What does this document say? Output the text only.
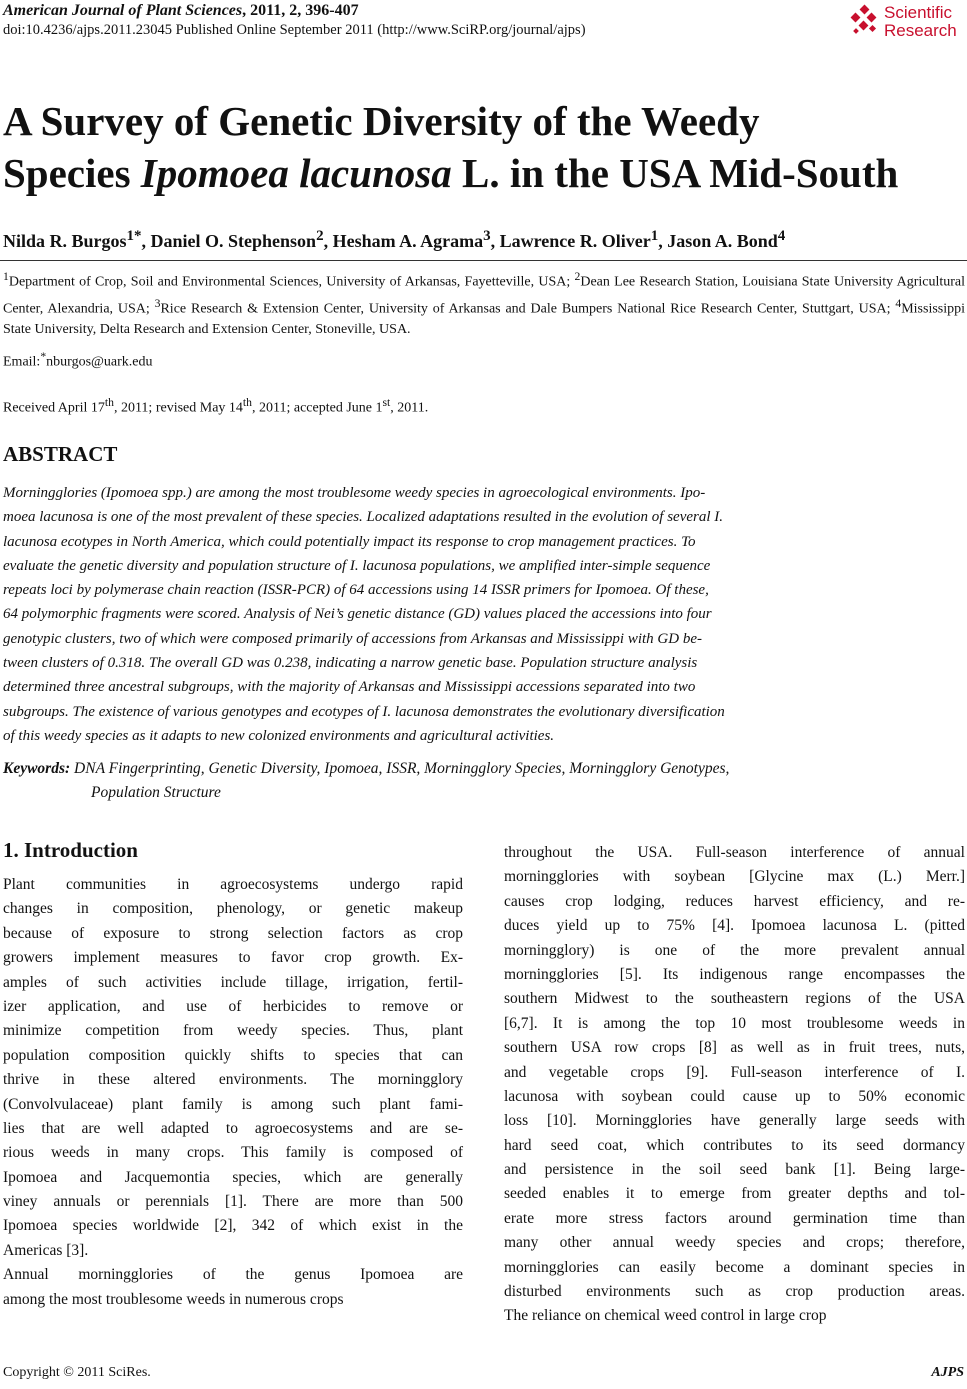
American Journal of Plant Sciences, 2011, 2, 396-407
doi:10.4236/ajps.2011.23045 Published Online September 2011 (http://www.SciRP.org/journal/ajps)
Scientific
Research
A Survey of Genetic Diversity of the Weedy
Species Ipomoea lacunosa L. in the USA Mid-South
Nilda R. Burgos$^{1*}$, Daniel O. Stephenson$^2$, Hesham A. Agrama$^3$, Lawrence R. Oliver$^1$, Jason A. Bond$^4$
$^1$Department of Crop, Soil and Environmental Sciences, University of Arkansas, Fayetteville, USA; $^2$Dean Lee Research Station, Louisiana State University Agricultural Center, Alexandria, USA; $^3$Rice Research & Extension Center, University of Arkansas and Dale Bumpers National Rice Research Center, Stuttgart, USA; $^4$Mississippi State University, Delta Research and Extension Center, Stoneville, USA.
Email:*nburgos@uark.edu
Received April 17th, 2011; revised May 14th, 2011; accepted June 1st, 2011.
ABSTRACT
Morningglories (Ipomoea spp.) are among the most troublesome weedy species in agroecological environments. Ipo-
moea lacunosa is one of the most prevalent of these species. Localized adaptations resulted in the evolution of several I.
lacunosa ecotypes in North America, which could potentially impact its response to crop management practices. To
evaluate the genetic diversity and population structure of I. lacunosa populations, we amplified inter-simple sequence
repeats loci by polymerase chain reaction (ISSR-PCR) of 64 accessions using 14 ISSR primers for Ipomoea. Of these,
64 polymorphic fragments were scored. Analysis of Nei’s genetic distance (GD) values placed the accessions into four
genotypic clusters, two of which were composed primarily of accessions from Arkansas and Mississippi with GD be-
tween clusters of 0.318. The overall GD was 0.238, indicating a narrow genetic base. Population structure analysis
determined three ancestral subgroups, with the majority of Arkansas and Mississippi accessions separated into two
subgroups. The existence of various genotypes and ecotypes of I. lacunosa demonstrates the evolutionary diversification
of this weedy species as it adapts to new colonized environments and agricultural activities.
Keywords: DNA Fingerprinting, Genetic Diversity, Ipomoea, ISSR, Morningglory Species, Morningglory Genotypes,
Population Structure
1. Introduction
Plant communities in agroecosystems undergo rapid
changes in composition, phenology, or genetic makeup
because of exposure to strong selection factors as crop
growers implement measures to favor crop growth. Ex-
amples of such activities include tillage, irrigation, fertil-
izer application, and use of herbicides to remove or
minimize competition from weedy species. Thus, plant
population composition quickly shifts to species that can
thrive in these altered environments. The morningglory
(Convolvulaceae) plant family is among such plant fami-
lies that are well adapted to agroecosystems and are se-
rious weeds in many crops. This family is composed of
Ipomoea and Jacquemontia species, which are generally
viney annuals or perennials [1]. There are more than 500
Ipomoea species worldwide [2], 342 of which exist in the
Americas [3].
Annual morningglories of the genus Ipomoea are
among the most troublesome weeds in numerous crops
throughout the USA. Full-season interference of annual
morningglories with soybean [Glycine max (L.) Merr.]
causes crop lodging, reduces harvest efficiency, and re-
duces yield up to 75% [4]. Ipomoea lacunosa L. (pitted
morningglory) is one of the more prevalent annual
morningglories [5]. Its indigenous range encompasses the
southern Midwest to the southeastern regions of the USA
[6,7]. It is among the top 10 most troublesome weeds in
southern USA row crops [8] as well as in fruit trees, nuts,
and vegetable crops [9]. Full-season interference of I.
lacunosa with soybean could cause up to 50% economic
loss [10]. Morningglories have generally large seeds with
hard seed coat, which contributes to its seed dormancy
and persistence in the soil seed bank [1]. Being large-
seeded enables it to emerge from greater depths and tol-
erate more stress factors around germination time than
many other annual weedy species and crops; therefore,
morningglories can easily become a dominant species in
disturbed environments such as crop production areas.
The reliance on chemical weed control in large crop
Copyright © 2011 SciRes.	AJPS
